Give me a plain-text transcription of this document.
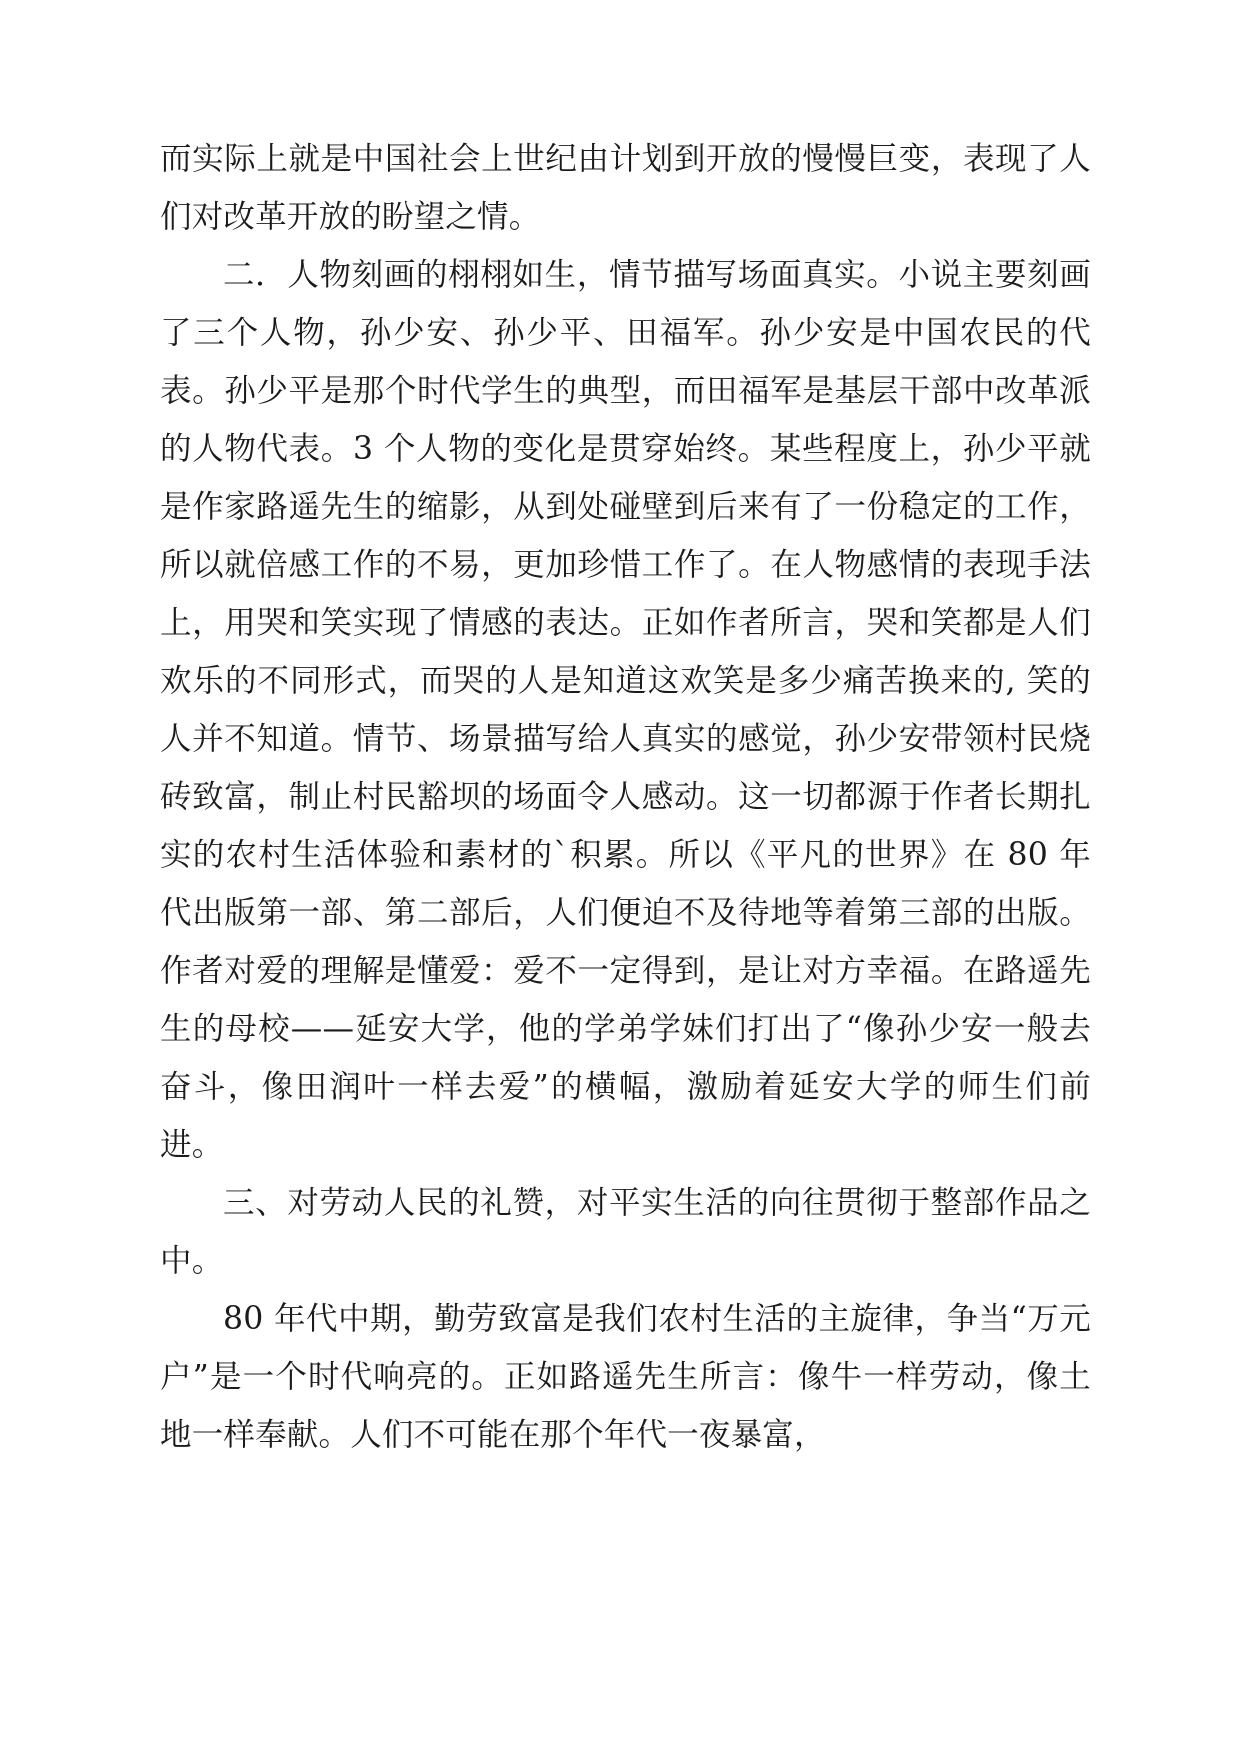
而实际上就是中国社会上世纪由计划到开放的慢慢巨变，表现了人们对改革开放的盼望之情。

二．人物刻画的栩栩如生，情节描写场面真实。小说主要刻画了三个人物，孙少安、孙少平、田福军。孙少安是中国农民的代表。孙少平是那个时代学生的典型，而田福军是基层干部中改革派的人物代表。3 个人物的变化是贯穿始终。某些程度上，孙少平就是作家路遥先生的缩影，从到处碰壁到后来有了一份稳定的工作，所以就倍感工作的不易，更加珍惜工作了。在人物感情的表现手法上，用哭和笑实现了情感的表达。正如作者所言，哭和笑都是人们欢乐的不同形式，而哭的人是知道这欢笑是多少痛苦换来的, 笑的人并不知道。情节、场景描写给人真实的感觉，孙少安带领村民烧砖致富，制止村民豁坝的场面令人感动。这一切都源于作者长期扎实的农村生活体验和素材的`积累。所以《平凡的世界》在 80 年代出版第一部、第二部后，人们便迫不及待地等着第三部的出版。作者对爱的理解是懂爱：爱不一定得到，是让对方幸福。在路遥先生的母校——延安大学，他的学弟学妹们打出了“像孙少安一般去奋斗，像田润叶一样去爱”的横幅，激励着延安大学的师生们前进。

三、对劳动人民的礼赞，对平实生活的向往贯彻于整部作品之中。

80 年代中期，勤劳致富是我们农村生活的主旋律，争当“万元户”是一个时代响亮的。正如路遥先生所言：像牛一样劳动，像土地一样奉献。人们不可能在那个年代一夜暴富，
